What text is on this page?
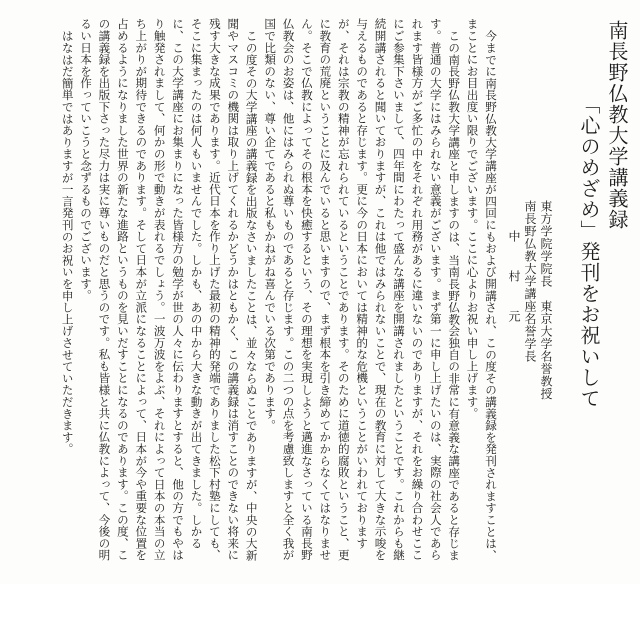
南長野仏教大学講義録
「心のめざめ」発刊をお祝いして
東方学院学院長　東京大学名誉教授
南長野仏教大学講座名誉学長
中村元

今までに南長野仏教大学講座が四回にもおよび開講され、この度その講義録を発刊されますことは、まことにお目出度い限りでございます。ここに心よりお祝い申し上げます。

この南長野仏教大学講座と申しますのは、当南長野仏教会独自の非常に有意義な講座であると存じます。普通の大学にはみられない意義がございます。まず第一に申し上げたいのは、実際の社会人であられます皆様方がご多忙の中をそれぞれ用務があるに違いないのでありますが、それをお繰り合わせここにご参集下さいまして、四年間にわたって盛んな講座を開講されましたということです。これからも継続開講されると聞いておりますが、これは他ではみられないことで、現在の教育に対して大きな示唆を与えるものであると存じます。更に今の日本においては精神的な危機ということがいわれておりますが、それは宗教の精神が忘れられているということであります。そのために道徳的腐敗ということ、更に教育の荒廃ということに及んでいると思いますので、まず根本を引き締めてかからなくてはなりません。そこで仏教によってその根本を快癒するという、その理想を実現しようと邁進なさっている南長野仏教会のお姿は、他にはみられぬ尊いものであると存じます。この二つの点を考慮致しますと全く我が国で比類のない、尊い企てであると私もかねがね喜んでいる次第であります。

この度その大学講座の講義録を出版なさいましたことは、並々ならぬことでありますが、中央の大新聞やマスコミの機関は取り上げてくれるかどうかはともかく、この講義録は消すことのできない将来に残す大きな成果であります。近代日本を作り上げた最初の精神的発端でありました松下村塾にしても、そこに集まったのは何人もいませんでした。しかも、あの中から大きな動きが出てきました。しかるに、この大学講座にお集まりになった皆様方の勉学が世の人々に伝わりますとすると、他の方でもやはり触発されまして、何かの形で動きが表れるでしょう。一波万波をよぶ、それによって日本の本当の立ち上がりが期待できるのであります。そして日本が立派になることによって、日本が今や重要な位置を占めるようになりました世界の新たな進路というものを見いだすことになるのであります。この度、この講義録を出版下さった尽力は実に尊いものだと思うのです。私も皆様と共に仏教によって、今後の明るい日本を作っていこうと念ずるものでございます。

はなはだ簡単ではありますが一言発刊のお祝いを申し上げさせていただきます。
